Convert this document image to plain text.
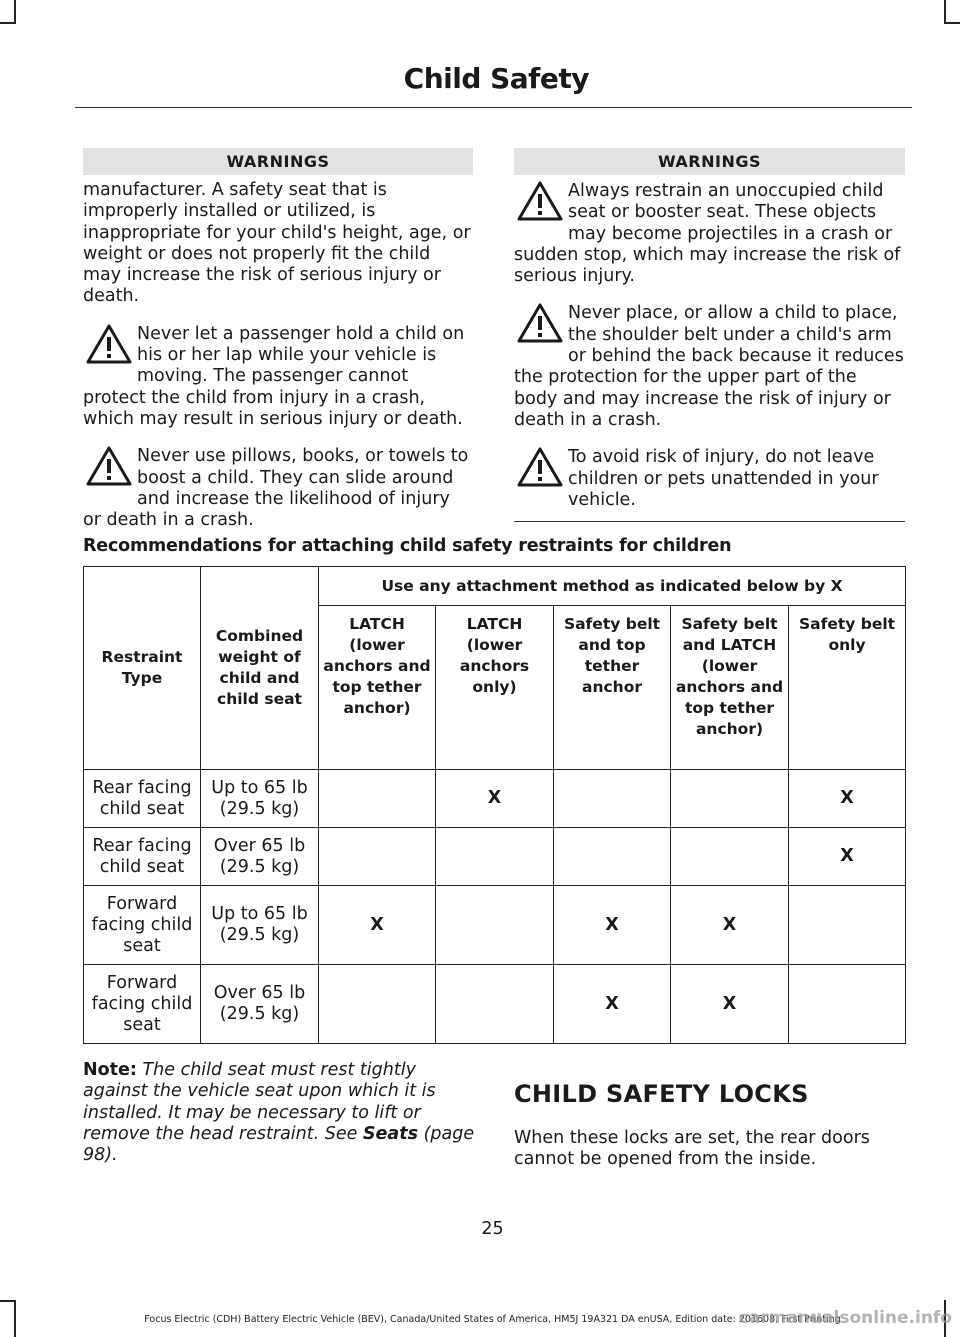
Child Safety
WARNINGS
manufacturer. A safety seat that is improperly installed or utilized, is inappropriate for your child's height, age, or weight or does not properly fit the child may increase the risk of serious injury or death.
Never let a passenger hold a child on his or her lap while your vehicle is moving. The passenger cannot protect the child from injury in a crash, which may result in serious injury or death.
Never use pillows, books, or towels to boost a child. They can slide around and increase the likelihood of injury or death in a crash.
WARNINGS
Always restrain an unoccupied child seat or booster seat. These objects may become projectiles in a crash or sudden stop, which may increase the risk of serious injury.
Never place, or allow a child to place, the shoulder belt under a child's arm or behind the back because it reduces the protection for the upper part of the body and may increase the risk of injury or death in a crash.
To avoid risk of injury, do not leave children or pets unattended in your vehicle.
Recommendations for attaching child safety restraints for children
Restraint Type	Combined weight of child and child seat	Use any attachment method as indicated below by X				
		LATCH (lower anchors and top tether anchor)	LATCH (lower anchors only)	Safety belt and top tether anchor	Safety belt and LATCH (lower anchors and top tether anchor)	Safety belt only
Rear facing child seat	Up to 65 lb (29.5 kg)		X			X
Rear facing child seat	Over 65 lb (29.5 kg)					X
Forward facing child seat	Up to 65 lb (29.5 kg)	X		X	X	
Forward facing child seat	Over 65 lb (29.5 kg)			X	X	
Note: The child seat must rest tightly against the vehicle seat upon which it is installed. It may be necessary to lift or remove the head restraint. See Seats (page 98).
CHILD SAFETY LOCKS
When these locks are set, the rear doors cannot be opened from the inside.
25
Focus Electric (CDH) Battery Electric Vehicle (BEV), Canada/United States of America, HM5J 19A321 DA enUSA, Edition date: 201608, First Printing
carmanualsonline.info
